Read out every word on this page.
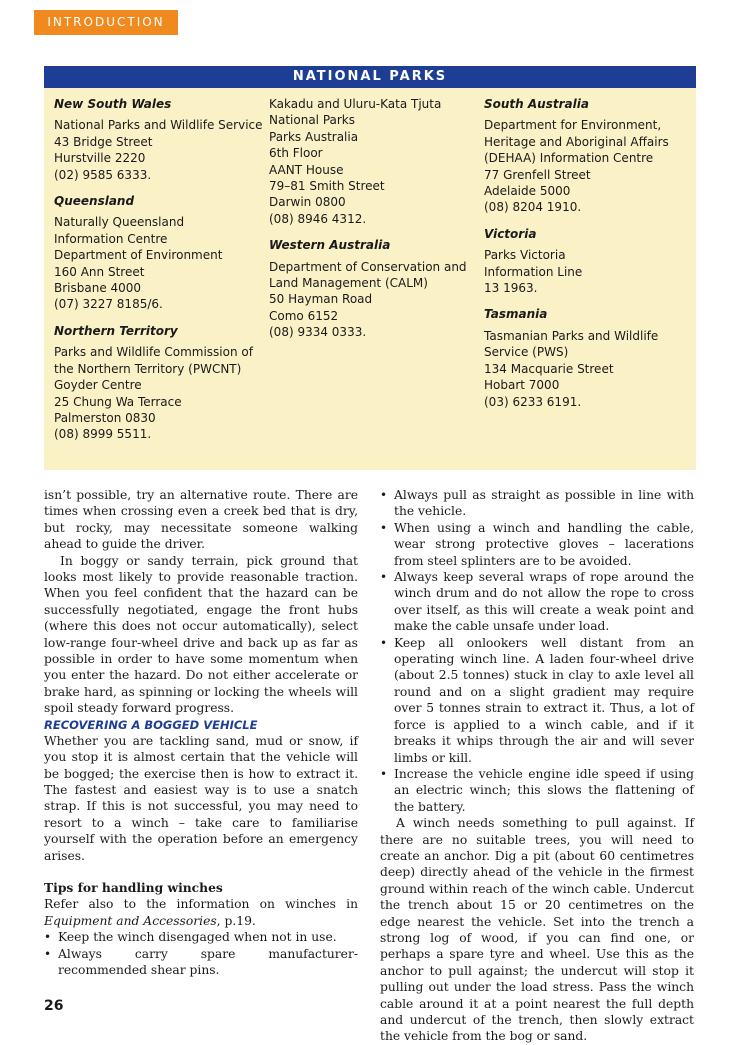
INTRODUCTION
NATIONAL PARKS
New South Wales
National Parks and Wildlife Service
43 Bridge Street
Hurstville 2220
(02) 9585 6333.
Queensland
Naturally Queensland
Information Centre
Department of Environment
160 Ann Street
Brisbane 4000
(07) 3227 8185/6.
Northern Territory
Parks and Wildlife Commission of
the Northern Territory (PWCNT)
Goyder Centre
25 Chung Wa Terrace
Palmerston 0830
(08) 8999 5511.
Kakadu and Uluru-Kata Tjuta
National Parks
Parks Australia
6th Floor
AANT House
79–81 Smith Street
Darwin 0800
(08) 8946 4312.
Western Australia
Department of Conservation and
Land Management (CALM)
50 Hayman Road
Como 6152
(08) 9334 0333.
South Australia
Department for Environment,
Heritage and Aboriginal Affairs
(DEHAA) Information Centre
77 Grenfell Street
Adelaide 5000
(08) 8204 1910.
Victoria
Parks Victoria
Information Line
13 1963.
Tasmania
Tasmanian Parks and Wildlife
Service (PWS)
134 Macquarie Street
Hobart 7000
(03) 6233 6191.

isn’t possible, try an alternative route. There are times when crossing even a creek bed that is dry, but rocky, may necessitate someone walking ahead to guide the driver.

In boggy or sandy terrain, pick ground that looks most likely to provide reasonable traction. When you feel confident that the hazard can be successfully negotiated, engage the front hubs (where this does not occur automatically), select low-range four-wheel drive and back up as far as possible in order to have some momentum when you enter the hazard. Do not either accelerate or brake hard, as spinning or locking the wheels will spoil steady forward progress.

RECOVERING A BOGGED VEHICLE

Whether you are tackling sand, mud or snow, if you stop it is almost certain that the vehicle will be bogged; the exercise then is how to extract it. The fastest and easiest way is to use a snatch strap. If this is not successful, you may need to resort to a winch – take care to familiarise yourself with the operation before an emergency arises.

Tips for handling winches

Refer also to the information on winches in Equipment and Accessories, p.19.

• Keep the winch disengaged when not in use.
• Always carry spare manufacturer-recommended shear pins.
• Always pull as straight as possible in line with the vehicle.
• When using a winch and handling the cable, wear strong protective gloves – lacerations from steel splinters are to be avoided.
• Always keep several wraps of rope around the winch drum and do not allow the rope to cross over itself, as this will create a weak point and make the cable unsafe under load.
• Keep all onlookers well distant from an operating winch line. A laden four-wheel drive (about 2.5 tonnes) stuck in clay to axle level all round and on a slight gradient may require over 5 tonnes strain to extract it. Thus, a lot of force is applied to a winch cable, and if it breaks it whips through the air and will sever limbs or kill.
• Increase the vehicle engine idle speed if using an electric winch; this slows the flattening of the battery.

A winch needs something to pull against. If there are no suitable trees, you will need to create an anchor. Dig a pit (about 60 centimetres deep) directly ahead of the vehicle in the firmest ground within reach of the winch cable. Undercut the trench about 15 or 20 centimetres on the edge nearest the vehicle. Set into the trench a strong log of wood, if you can find one, or perhaps a spare tyre and wheel. Use this as the anchor to pull against; the undercut will stop it pulling out under the load stress. Pass the winch cable around it at a point nearest the full depth and undercut of the trench, then slowly extract the vehicle from the bog or sand.

26
